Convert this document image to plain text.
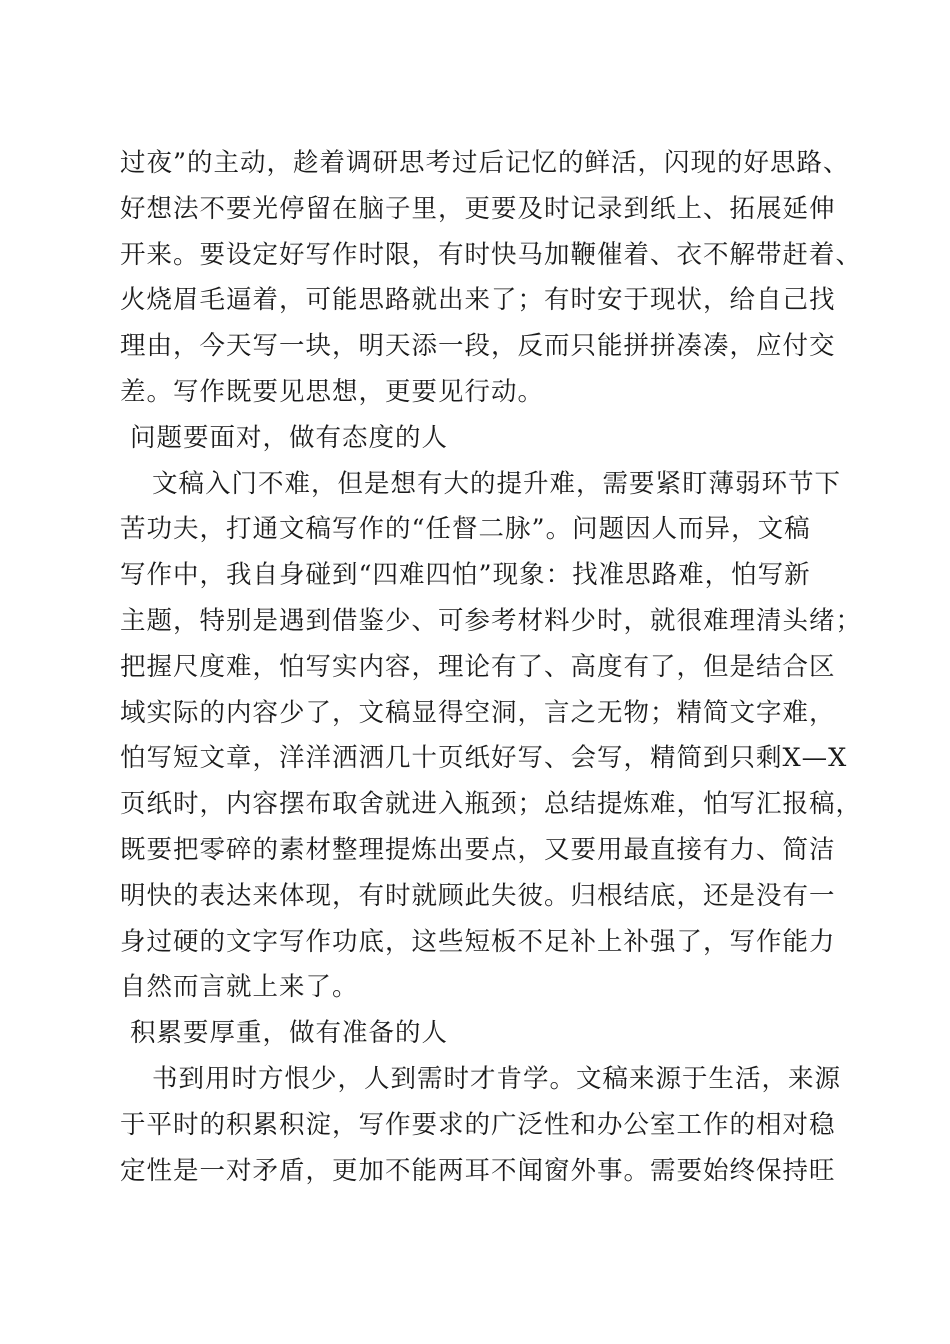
过夜”的主动，趁着调研思考过后记忆的鲜活，闪现的好思路、
好想法不要光停留在脑子里，更要及时记录到纸上、拓展延伸
开来。要设定好写作时限，有时快马加鞭催着、衣不解带赶着、
火烧眉毛逼着，可能思路就出来了；有时安于现状，给自己找
理由，今天写一块，明天添一段，反而只能拼拼凑凑，应付交
差。写作既要见思想，更要见行动。
问题要面对，做有态度的人
文稿入门不难，但是想有大的提升难，需要紧盯薄弱环节下
苦功夫，打通文稿写作的“任督二脉”。问题因人而异，文稿
写作中，我自身碰到“四难四怕”现象：找准思路难，怕写新
主题，特别是遇到借鉴少、可参考材料少时，就很难理清头绪；
把握尺度难，怕写实内容，理论有了、高度有了，但是结合区
域实际的内容少了，文稿显得空洞，言之无物；精简文字难，
怕写短文章，洋洋洒洒几十页纸好写、会写，精简到只剩X—X
页纸时，内容摆布取舍就进入瓶颈；总结提炼难，怕写汇报稿，
既要把零碎的素材整理提炼出要点，又要用最直接有力、简洁
明快的表达来体现，有时就顾此失彼。归根结底，还是没有一
身过硬的文字写作功底，这些短板不足补上补强了，写作能力
自然而言就上来了。
积累要厚重，做有准备的人
书到用时方恨少，人到需时才肯学。文稿来源于生活，来源
于平时的积累积淀，写作要求的广泛性和办公室工作的相对稳
定性是一对矛盾，更加不能两耳不闻窗外事。需要始终保持旺
